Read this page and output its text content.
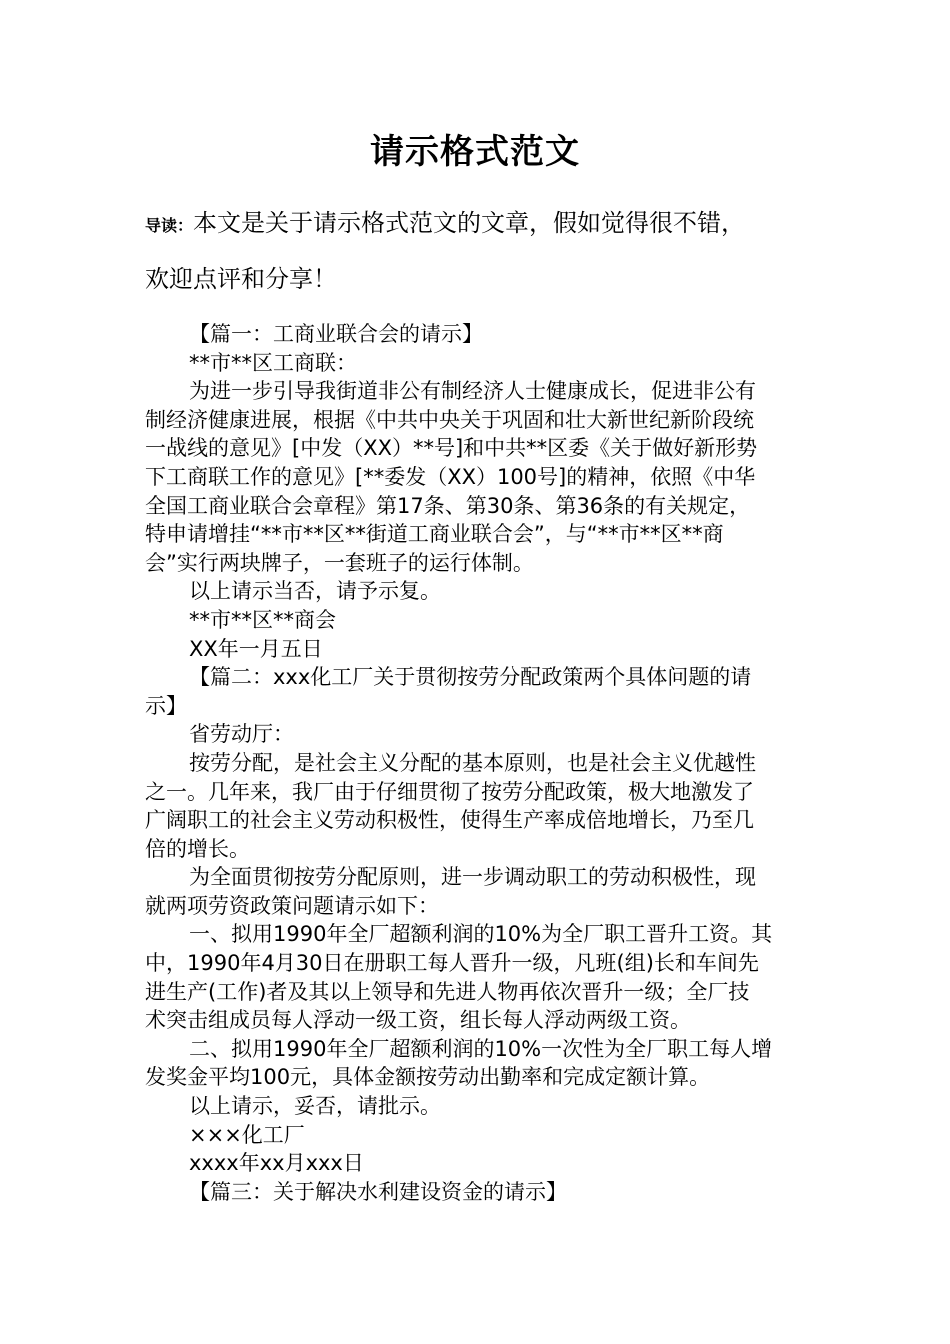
请示格式范文
导读：本文是关于请示格式范文的文章，假如觉得很不错，
欢迎点评和分享！
【篇一：工商业联合会的请示】
**市**区工商联：
为进一步引导我街道非公有制经济人士健康成长，促进非公有
制经济健康进展，根据《中共中央关于巩固和壮大新世纪新阶段统
一战线的意见》[中发（XX）**号]和中共**区委《关于做好新形势
下工商联工作的意见》[**委发（XX）100号]的精神，依照《中华
全国工商业联合会章程》第17条、第30条、第36条的有关规定，
特申请增挂“**市**区**街道工商业联合会”，与“**市**区**商
会”实行两块牌子，一套班子的运行体制。
以上请示当否，请予示复。
**市**区**商会
XX年一月五日
【篇二：xxx化工厂关于贯彻按劳分配政策两个具体问题的请
示】
省劳动厅：
按劳分配，是社会主义分配的基本原则，也是社会主义优越性
之一。几年来，我厂由于仔细贯彻了按劳分配政策，极大地激发了
广阔职工的社会主义劳动积极性，使得生产率成倍地增长，乃至几
倍的增长。
为全面贯彻按劳分配原则，进一步调动职工的劳动积极性，现
就两项劳资政策问题请示如下：
一、拟用1990年全厂超额利润的10%为全厂职工晋升工资。其
中，1990年4月30日在册职工每人晋升一级，凡班(组)长和车间先
进生产(工作)者及其以上领导和先进人物再依次晋升一级；全厂技
术突击组成员每人浮动一级工资，组长每人浮动两级工资。
二、拟用1990年全厂超额利润的10%一次性为全厂职工每人增
发奖金平均100元，具体金额按劳动出勤率和完成定额计算。
以上请示，妥否，请批示。
×××化工厂
xxxx年xx月xxx日
【篇三：关于解决水利建设资金的请示】
